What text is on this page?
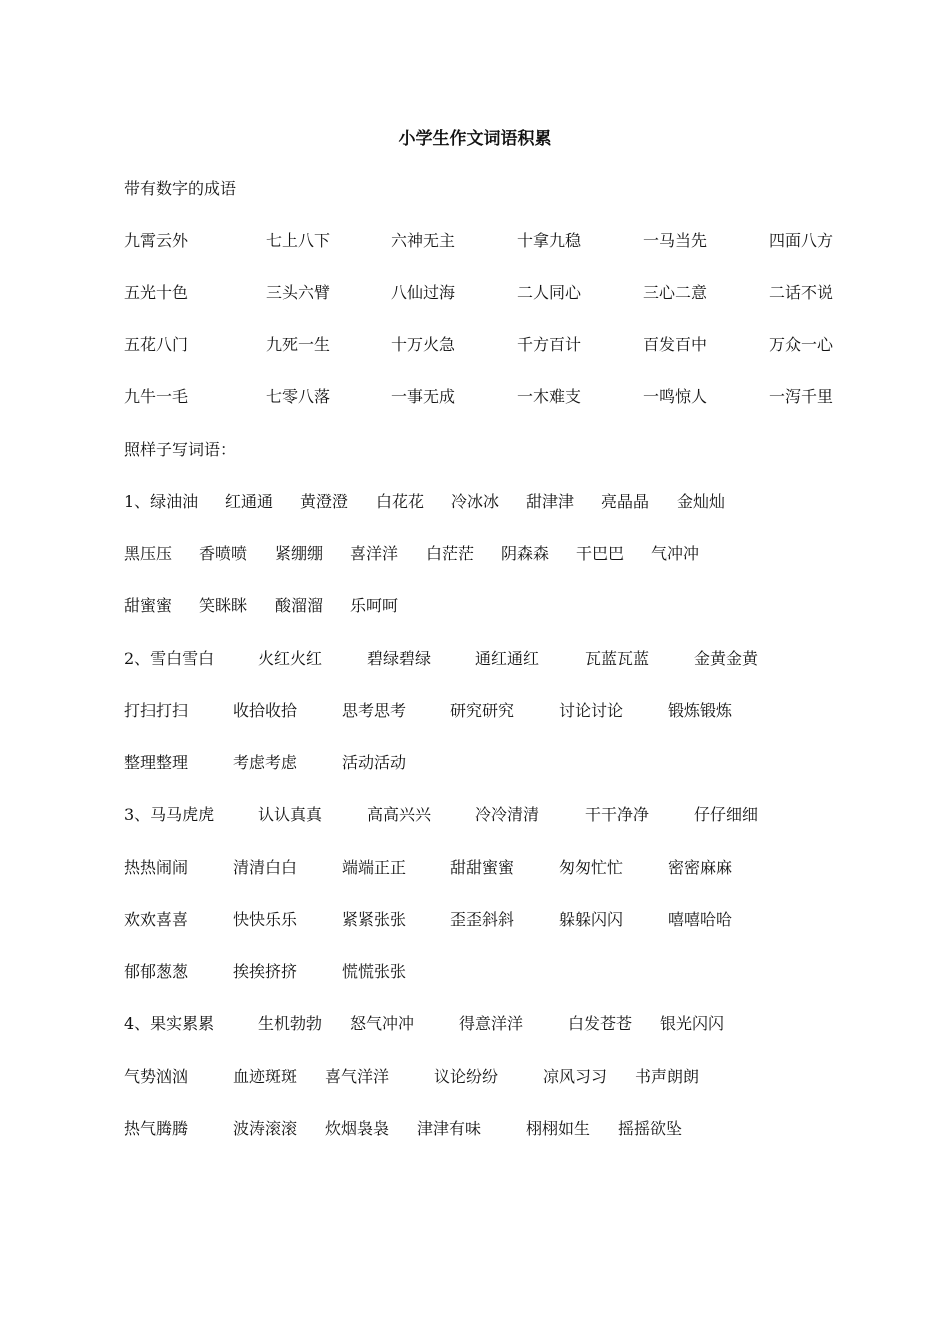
小学生作文词语积累
带有数字的成语
九霄云外	七上八下	六神无主	十拿九稳	一马当先	四面八方
五光十色	三头六臂	八仙过海	二人同心	三心二意	二话不说
五花八门	九死一生	十万火急	千方百计	百发百中	万众一心
九牛一毛	七零八落	一事无成	一木难支	一鸣惊人	一泻千里
照样子写词语：
1、绿油油 红通通 黄澄澄 白花花 冷冰冰 甜津津 亮晶晶 金灿灿
黑压压 香喷喷 紧绷绷 喜洋洋 白茫茫 阴森森 干巴巴 气冲冲
甜蜜蜜 笑眯眯 酸溜溜 乐呵呵
2、雪白雪白	火红火红	碧绿碧绿	通红通红	瓦蓝瓦蓝	金黄金黄
打扫打扫	收拾收拾	思考思考	研究研究	讨论讨论	锻炼锻炼
整理整理	考虑考虑	活动活动
3、马马虎虎	认认真真	高高兴兴	冷冷清清	干干净净	仔仔细细
热热闹闹	清清白白	端端正正	甜甜蜜蜜	匆匆忙忙	密密麻麻
欢欢喜喜	快快乐乐	紧紧张张	歪歪斜斜	躲躲闪闪	嘻嘻哈哈
郁郁葱葱	挨挨挤挤	慌慌张张
4、果实累累	生机勃勃 怒气冲冲	得意洋洋	白发苍苍 银光闪闪
气势汹汹	血迹斑斑 喜气洋洋	议论纷纷	凉风习习 书声朗朗
热气腾腾	波涛滚滚 炊烟袅袅 津津有味	栩栩如生 摇摇欲坠
